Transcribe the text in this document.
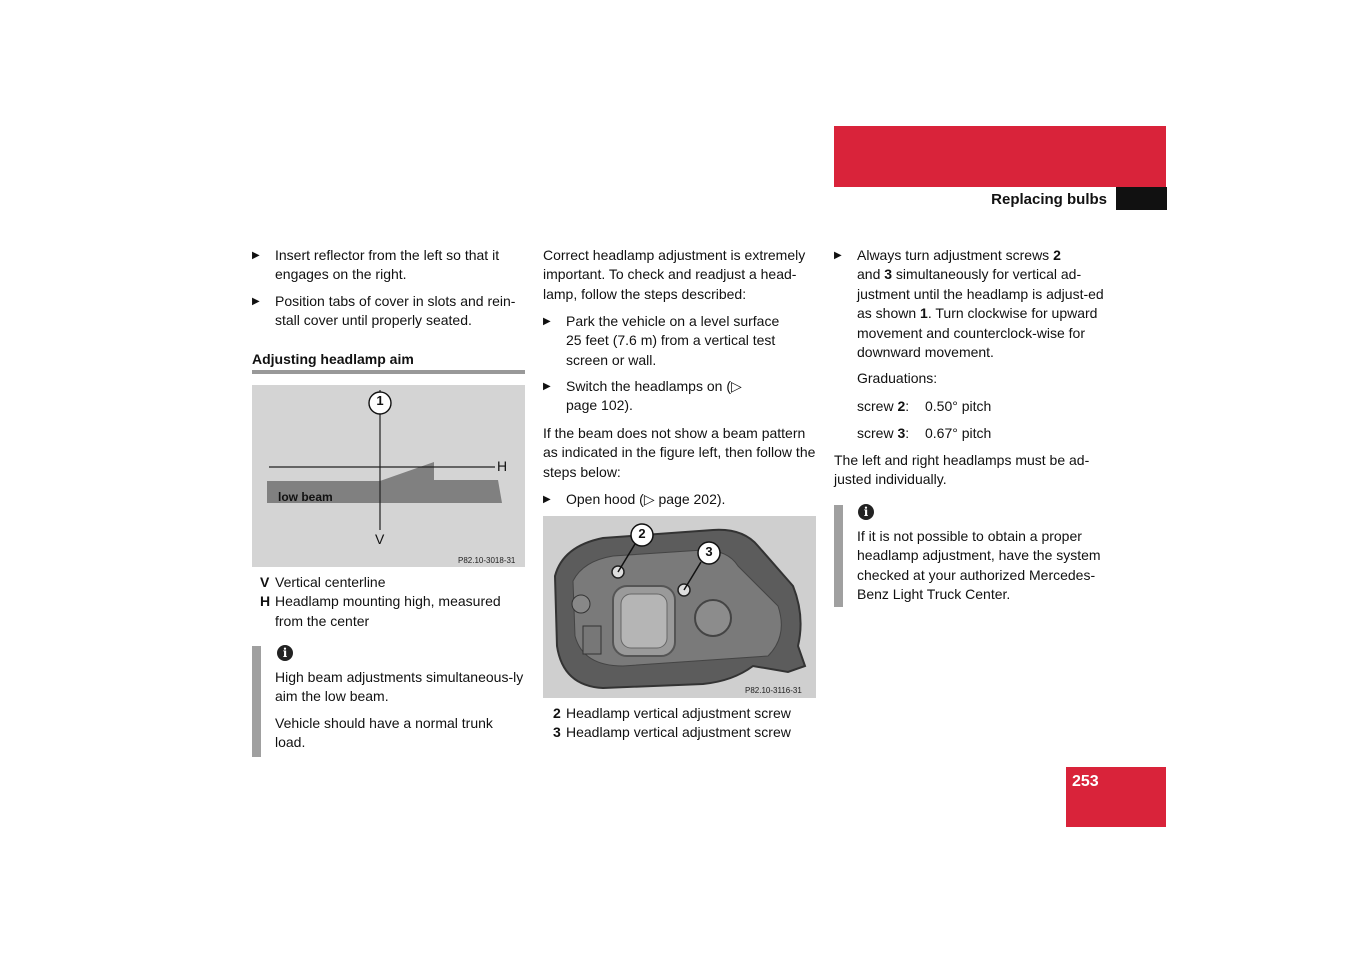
Practical hints
Replacing bulbs
▶ Insert reflector from the left so that it engages on the right.
▶ Position tabs of cover in slots and rein-stall cover until properly seated.
Adjusting headlamp aim
1
H
V
low beam
P82.10-3018-31
V Vertical centerline
H Headlamp mounting high, measured from the center
i
High beam adjustments simultaneous-ly aim the low beam.
Vehicle should have a normal trunk load.
Correct headlamp adjustment is extremely important. To check and readjust a head-lamp, follow the steps described:
▶ Park the vehicle on a level surface 25 feet (7.6 m) from a vertical test screen or wall.
▶ Switch the headlamps on (▷ page 102).
If the beam does not show a beam pattern as indicated in the figure left, then follow the steps below:
▶ Open hood (▷ page 202).
2
3
P82.10-3116-31
2 Headlamp vertical adjustment screw
3 Headlamp vertical adjustment screw
▶ Always turn adjustment screws 2
and 3 simultaneously for vertical ad-justment until the headlamp is adjust-ed as shown 1. Turn clockwise for upward movement and counterclock-wise for downward movement.
Graduations:
screw 2: 0.50° pitch
screw 3: 0.67° pitch
The left and right headlamps must be ad-justed individually.
i
If it is not possible to obtain a proper headlamp adjustment, have the system checked at your authorized Mercedes-Benz Light Truck Center.
253
